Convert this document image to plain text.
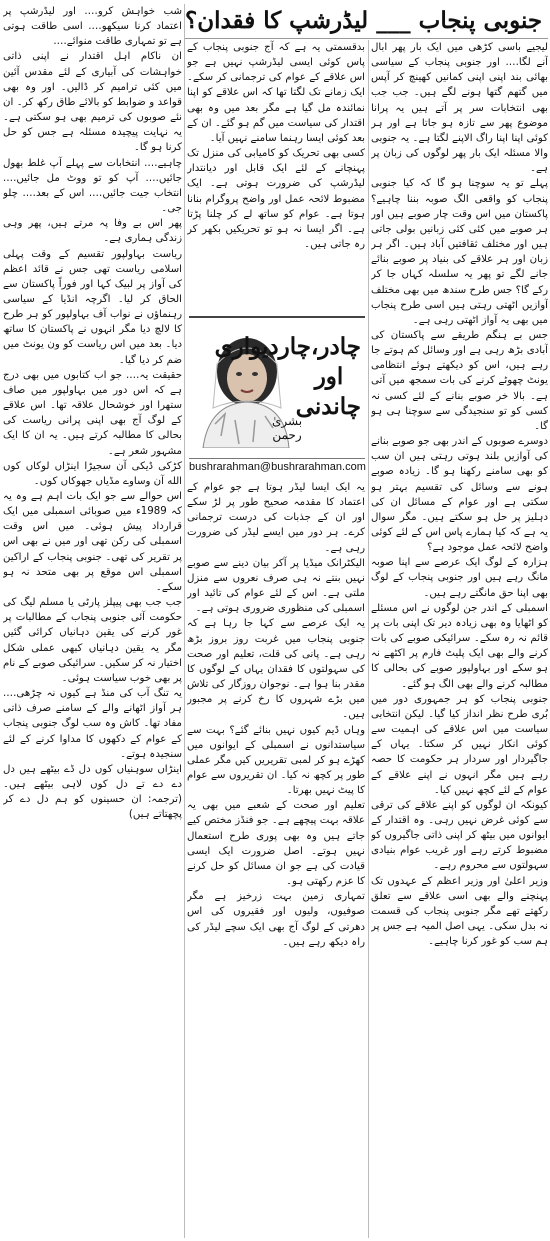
جنوبی پنجاب ___ لیڈرشپ کا فقدان؟

لیجیے باسی کڑھی میں ایک بار پھر ابال آنے لگا…. اور جنوبی پنجاب کے سیاسی بھائی بند اپنی اپنی کمانیں کھینچ کر آپس میں گتھم گتھا ہونے لگے ہیں۔ جب جب بھی انتخابات سر پر آتے ہیں یہ پرانا موضوع پھر سے تازہ ہو جاتا ہے اور ہر کوئی اپنا اپنا راگ الاپنے لگتا ہے۔ یہ جنوبی والا مسئلہ ایک بار پھر لوگوں کی زبان پر ہے۔

پہلے تو یہ سوچنا ہو گا کہ کیا جنوبی پنجاب کو واقعی الگ صوبہ بننا چاہیے؟ پاکستان میں اس وقت چار صوبے ہیں اور ہر صوبے میں کئی کئی زبانیں بولی جاتی ہیں اور مختلف ثقافتیں آباد ہیں۔ اگر ہر زبان اور ہر علاقے کی بنیاد پر صوبے بنائے جانے لگے تو پھر یہ سلسلہ کہاں جا کر رکے گا؟ جس طرح سندھ میں بھی مختلف آوازیں اٹھتی رہتی ہیں اسی طرح پنجاب میں بھی یہ آواز اٹھتی رہی ہے۔

جس بے ہنگم طریقے سے پاکستان کی آبادی بڑھ رہی ہے اور وسائل کم ہوتے جا رہے ہیں، اس کو دیکھتے ہوئے انتظامی یونٹ چھوٹے کرنے کی بات سمجھ میں آتی ہے۔ بالا خر صوبے بنانے کے لئے کسی نہ کسی کو تو سنجیدگی سے سوچنا ہی ہو گا۔

دوسرے صوبوں کے اندر بھی جو صوبے بنانے کی آوازیں بلند ہوتی رہتی ہیں ان سب کو بھی سامنے رکھنا ہو گا۔ زیادہ صوبے ہونے سے وسائل کی تقسیم بہتر ہو سکتی ہے اور عوام کے مسائل ان کی دہلیز پر حل ہو سکتے ہیں۔ مگر سوال یہ ہے کہ کیا ہمارے پاس اس کے لئے کوئی واضح لائحہ عمل موجود ہے؟

ہزارہ کے لوگ ایک عرصے سے اپنا صوبہ مانگ رہے ہیں اور جنوبی پنجاب کے لوگ بھی اپنا حق مانگتے رہے ہیں۔

اسمبلی کے اندر جن لوگوں نے اس مسئلے کو اٹھایا وہ بھی زیادہ دیر تک اپنی بات پر قائم نہ رہ سکے۔ سرائیکی صوبے کی بات کرنے والے بھی ایک پلیٹ فارم پر اکٹھے نہ ہو سکے اور بہاولپور صوبے کی بحالی کا مطالبہ کرنے والے بھی الگ ہو گئے۔

جنوبی پنجاب کو ہر جمہوری دور میں بُری طرح نظر انداز کیا گیا۔ لیکن انتخابی سیاست میں اس علاقے کی اہمیت سے کوئی انکار نہیں کر سکتا۔ یہاں کے جاگیردار اور سردار ہر حکومت کا حصہ رہے ہیں مگر انہوں نے اپنے علاقے کے عوام کے لئے کچھ نہیں کیا۔

کیونکہ ان لوگوں کو اپنے علاقے کی ترقی سے کوئی غرض نہیں رہی۔ وہ اقتدار کے ایوانوں میں بیٹھ کر اپنی ذاتی جاگیروں کو مضبوط کرتے رہے اور غریب عوام بنیادی سہولتوں سے محروم رہے۔

وزیر اعلیٰ اور وزیر اعظم کے عہدوں تک پہنچنے والے بھی اسی علاقے سے تعلق رکھتے تھے مگر جنوبی پنجاب کی قسمت نہ بدل سکی۔ یہی اصل المیہ ہے جس پر ہم سب کو غور کرنا چاہیے۔

بدقسمتی یہ ہے کہ آج جنوبی پنجاب کے پاس کوئی ایسی لیڈرشپ نہیں ہے جو اس علاقے کے عوام کی ترجمانی کر سکے۔ ایک زمانے تک لگتا تھا کہ اس علاقے کو اپنا نمائندہ مل گیا ہے مگر بعد میں وہ بھی اقتدار کی سیاست میں گم ہو گئے۔ ان کے بعد کوئی ایسا رہنما سامنے نہیں آیا۔

کسی بھی تحریک کو کامیابی کی منزل تک پہنچانے کے لئے ایک قابل اور دیانتدار لیڈرشپ کی ضرورت ہوتی ہے۔ ایک مضبوط لائحہ عمل اور واضح پروگرام بنانا ہوتا ہے۔ عوام کو ساتھ لے کر چلنا پڑتا ہے۔ اگر ایسا نہ ہو تو تحریکیں بکھر کر رہ جاتی ہیں۔

چادر،چاردیواری اور چاندنی
بشریٰ رحمن
bushrarahman@bushrarahman.com

یہ ایک ایسا لیڈر ہوتا ہے جو عوام کے اعتماد کا مقدمہ صحیح طور پر لڑ سکے اور ان کے جذبات کی درست ترجمانی کرے۔ ہر دور میں ایسے لیڈر کی ضرورت رہی ہے۔

الیکٹرانک میڈیا پر آکر بیان دینے سے صوبے نہیں بنتے نہ ہی صرف نعروں سے منزل ملتی ہے۔ اس کے لئے عوام کی تائید اور اسمبلی کی منظوری ضروری ہوتی ہے۔

یہ ایک عرصے سے کہا جا رہا ہے کہ جنوبی پنجاب میں غربت روز بروز بڑھ رہی ہے۔ پانی کی قلت، تعلیم اور صحت کی سہولتوں کا فقدان یہاں کے لوگوں کا مقدر بنا ہوا ہے۔ نوجوان روزگار کی تلاش میں بڑے شہروں کا رخ کرنے پر مجبور ہیں۔

وہاں ڈیم کیوں نہیں بنائے گئے؟ بہت سے سیاستدانوں نے اسمبلی کے ایوانوں میں کھڑے ہو کر لمبی تقریریں کیں مگر عملی طور پر کچھ نہ کیا۔ ان تقریروں سے عوام کا پیٹ نہیں بھرتا۔

تعلیم اور صحت کے شعبے میں بھی یہ علاقہ بہت پیچھے ہے۔ جو فنڈز مختص کیے جاتے ہیں وہ بھی پوری طرح استعمال نہیں ہوتے۔ اصل ضرورت ایک ایسی قیادت کی ہے جو ان مسائل کو حل کرنے کا عزم رکھتی ہو۔

تمہاری زمین بہت زرخیز ہے مگر صوفیوں، ولیوں اور فقیروں کی اس دھرتی کے لوگ آج بھی ایک سچے لیڈر کی راہ دیکھ رہے ہیں۔

شب خواہش کرو…. اور لیڈرشپ پر اعتماد کرنا سیکھو…. اسی طاقت ہوتی ہے تو تمہاری طاقت منوائے….

ان ناکام اہل اقتدار نے اپنی ذاتی خواہشات کی آبیاری کے لئے مقدس آئین میں کئی ترامیم کر ڈالیں۔ اور وہ بھی قواعد و ضوابط کو بالائے طاق رکھ کر۔ ان نئے صوبوں کی ترمیم بھی ہو سکتی ہے۔ یہ نہایت پیچیدہ مسئلہ ہے جس کو حل کرنا ہو گا۔

چاہیے…. انتخابات سے پہلے آپ غلط بھول جائیں…. آپ کو تو ووٹ مل جائیں…. انتخاب جیت جائیں…. اس کے بعد…. چلو جی۔

پھر اس بے وفا پہ مرتے ہیں، پھر وہی زندگی ہماری ہے۔

ریاست بہاولپور تقسیم کے وقت پہلی اسلامی ریاست تھی جس نے قائد اعظم کی آواز پر لبیک کہا اور فوراً پاکستان سے الحاق کر لیا۔ اگرچہ انڈیا کے سیاسی رہنماؤں نے نواب آف بہاولپور کو ہر طرح کا لالچ دیا مگر انہوں نے پاکستان کا ساتھ دیا۔ بعد میں اس ریاست کو ون یونٹ میں ضم کر دیا گیا۔

حقیقت یہ…. جو اب کتابوں میں بھی درج ہے کہ اس دور میں بہاولپور میں صاف ستھرا اور خوشحال علاقہ تھا۔ اس علاقے کے لوگ آج بھی اپنی پرانی ریاست کی بحالی کا مطالبہ کرتے ہیں۔ یہ ان کا ایک مشہور شعر ہے۔

کڑکی ڈیکی آن سجیڑا اینڑاں لوکاں کوں الله آن وساوے مڈیاں جھوکاں کوں۔

اس حوالے سے جو ایک بات اہم ہے وہ یہ کہ 1989ء میں صوبائی اسمبلی میں ایک قرارداد پیش ہوئی۔ میں اس وقت اسمبلی کی رکن تھی اور میں نے بھی اس پر تقریر کی تھی۔ جنوبی پنجاب کے اراکین اسمبلی اس موقع پر بھی متحد نہ ہو سکے۔

جب جب بھی پیپلز پارٹی یا مسلم لیگ کی حکومت آئی جنوبی پنجاب کے مطالبات پر غور کرنے کی یقین دہانیاں کرائی گئیں مگر یہ یقین دہانیاں کبھی عملی شکل اختیار نہ کر سکیں۔ سرائیکی صوبے کے نام پر بھی خوب سیاست ہوئی۔

یہ تنگ آب کی منڈ ہے کیوں نہ چڑھی…. ہر آواز اٹھانے والے کے سامنے صرف ذاتی مفاد تھا۔ کاش وہ سب لوگ جنوبی پنجاب کے عوام کے دکھوں کا مداوا کرنے کے لئے سنجیدہ ہوتے۔

اینڑاں سوہنیاں کوں دل ڈے بیٹھے ہیں دل دے دے تے دل کوں لاہی بیٹھے ہیں۔ (ترجمہ: ان حسینوں کو ہم دل دے کر پچھتاتے ہیں)
